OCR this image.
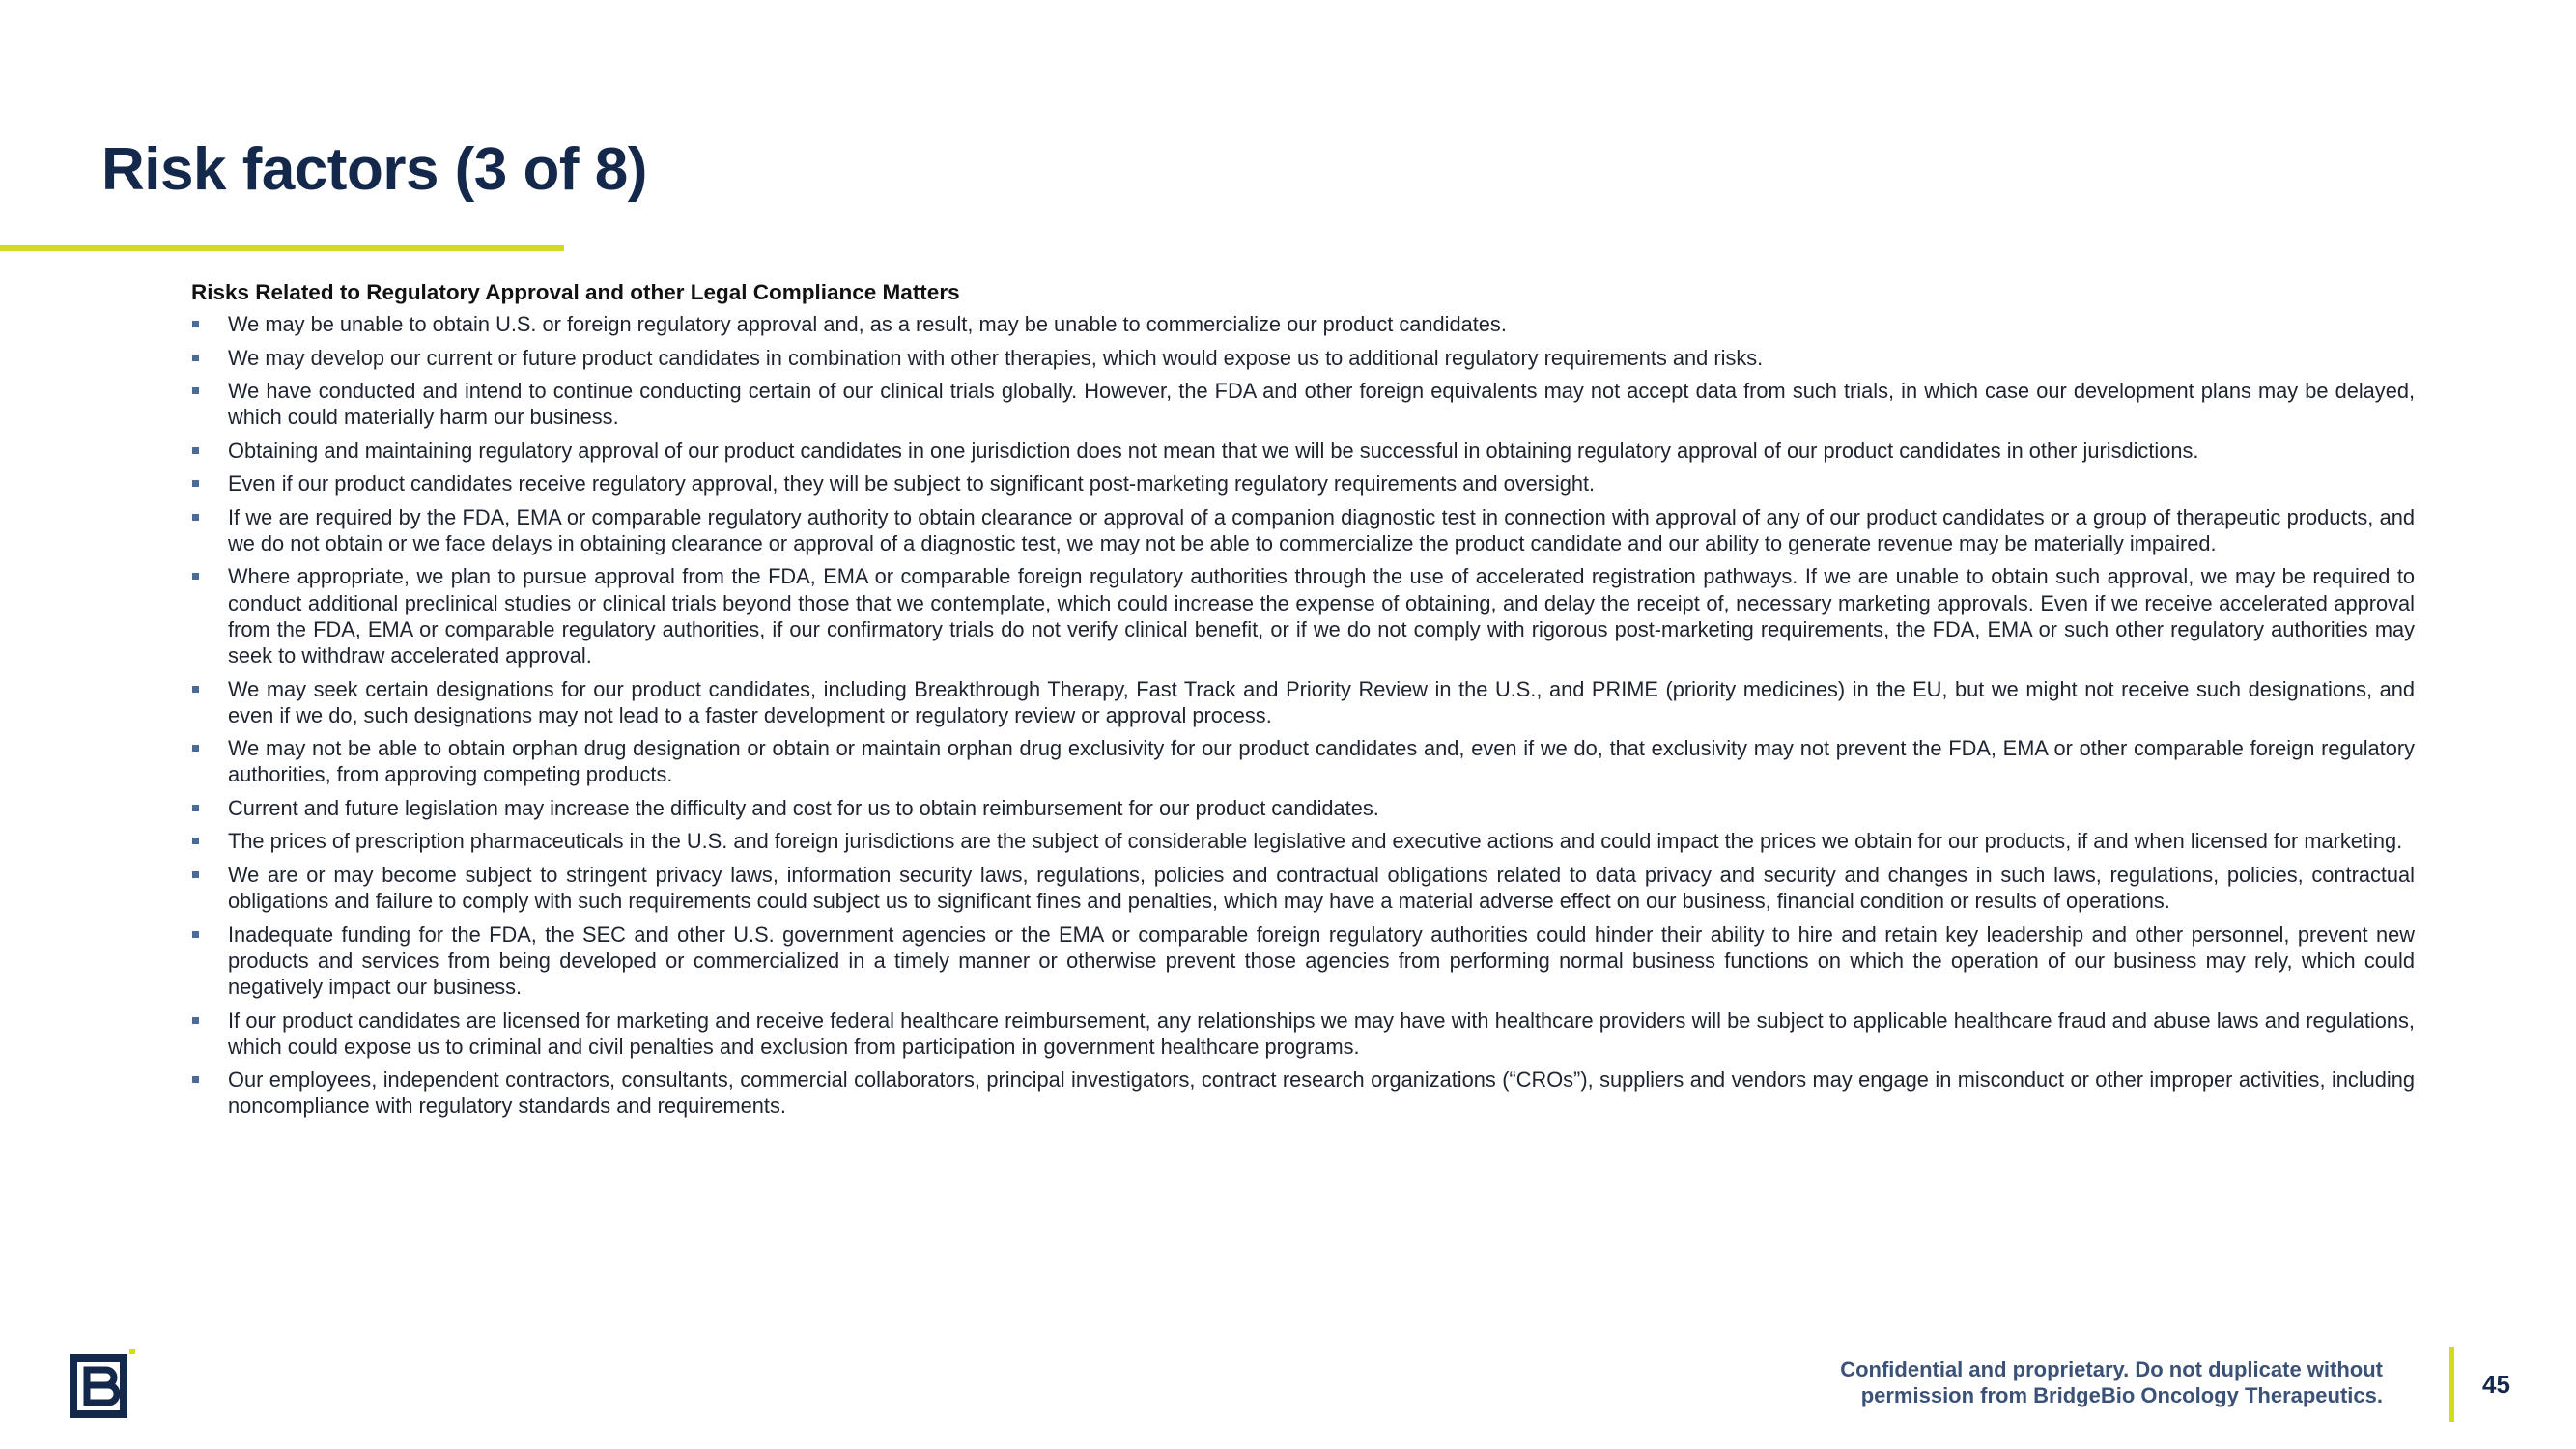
Risk factors (3 of 8)
Risks Related to Regulatory Approval and other Legal Compliance Matters
We may be unable to obtain U.S. or foreign regulatory approval and, as a result, may be unable to commercialize our product candidates.
We may develop our current or future product candidates in combination with other therapies, which would expose us to additional regulatory requirements and risks.
We have conducted and intend to continue conducting certain of our clinical trials globally. However, the FDA and other foreign equivalents may not accept data from such trials, in which case our development plans may be delayed, which could materially harm our business.
Obtaining and maintaining regulatory approval of our product candidates in one jurisdiction does not mean that we will be successful in obtaining regulatory approval of our product candidates in other jurisdictions.
Even if our product candidates receive regulatory approval, they will be subject to significant post-marketing regulatory requirements and oversight.
If we are required by the FDA, EMA or comparable regulatory authority to obtain clearance or approval of a companion diagnostic test in connection with approval of any of our product candidates or a group of therapeutic products, and we do not obtain or we face delays in obtaining clearance or approval of a diagnostic test, we may not be able to commercialize the product candidate and our ability to generate revenue may be materially impaired.
Where appropriate, we plan to pursue approval from the FDA, EMA or comparable foreign regulatory authorities through the use of accelerated registration pathways. If we are unable to obtain such approval, we may be required to conduct additional preclinical studies or clinical trials beyond those that we contemplate, which could increase the expense of obtaining, and delay the receipt of, necessary marketing approvals. Even if we receive accelerated approval from the FDA, EMA or comparable regulatory authorities, if our confirmatory trials do not verify clinical benefit, or if we do not comply with rigorous post-marketing requirements, the FDA, EMA or such other regulatory authorities may seek to withdraw accelerated approval.
We may seek certain designations for our product candidates, including Breakthrough Therapy, Fast Track and Priority Review in the U.S., and PRIME (priority medicines) in the EU, but we might not receive such designations, and even if we do, such designations may not lead to a faster development or regulatory review or approval process.
We may not be able to obtain orphan drug designation or obtain or maintain orphan drug exclusivity for our product candidates and, even if we do, that exclusivity may not prevent the FDA, EMA or other comparable foreign regulatory authorities, from approving competing products.
Current and future legislation may increase the difficulty and cost for us to obtain reimbursement for our product candidates.
The prices of prescription pharmaceuticals in the U.S. and foreign jurisdictions are the subject of considerable legislative and executive actions and could impact the prices we obtain for our products, if and when licensed for marketing.
We are or may become subject to stringent privacy laws, information security laws, regulations, policies and contractual obligations related to data privacy and security and changes in such laws, regulations, policies, contractual obligations and failure to comply with such requirements could subject us to significant fines and penalties, which may have a material adverse effect on our business, financial condition or results of operations.
Inadequate funding for the FDA, the SEC and other U.S. government agencies or the EMA or comparable foreign regulatory authorities could hinder their ability to hire and retain key leadership and other personnel, prevent new products and services from being developed or commercialized in a timely manner or otherwise prevent those agencies from performing normal business functions on which the operation of our business may rely, which could negatively impact our business.
If our product candidates are licensed for marketing and receive federal healthcare reimbursement, any relationships we may have with healthcare providers will be subject to applicable healthcare fraud and abuse laws and regulations, which could expose us to criminal and civil penalties and exclusion from participation in government healthcare programs.
Our employees, independent contractors, consultants, commercial collaborators, principal investigators, contract research organizations (“CROs”), suppliers and vendors may engage in misconduct or other improper activities, including noncompliance with regulatory standards and requirements.
Confidential and proprietary. Do not duplicate without
permission from BridgeBio Oncology Therapeutics.	45
